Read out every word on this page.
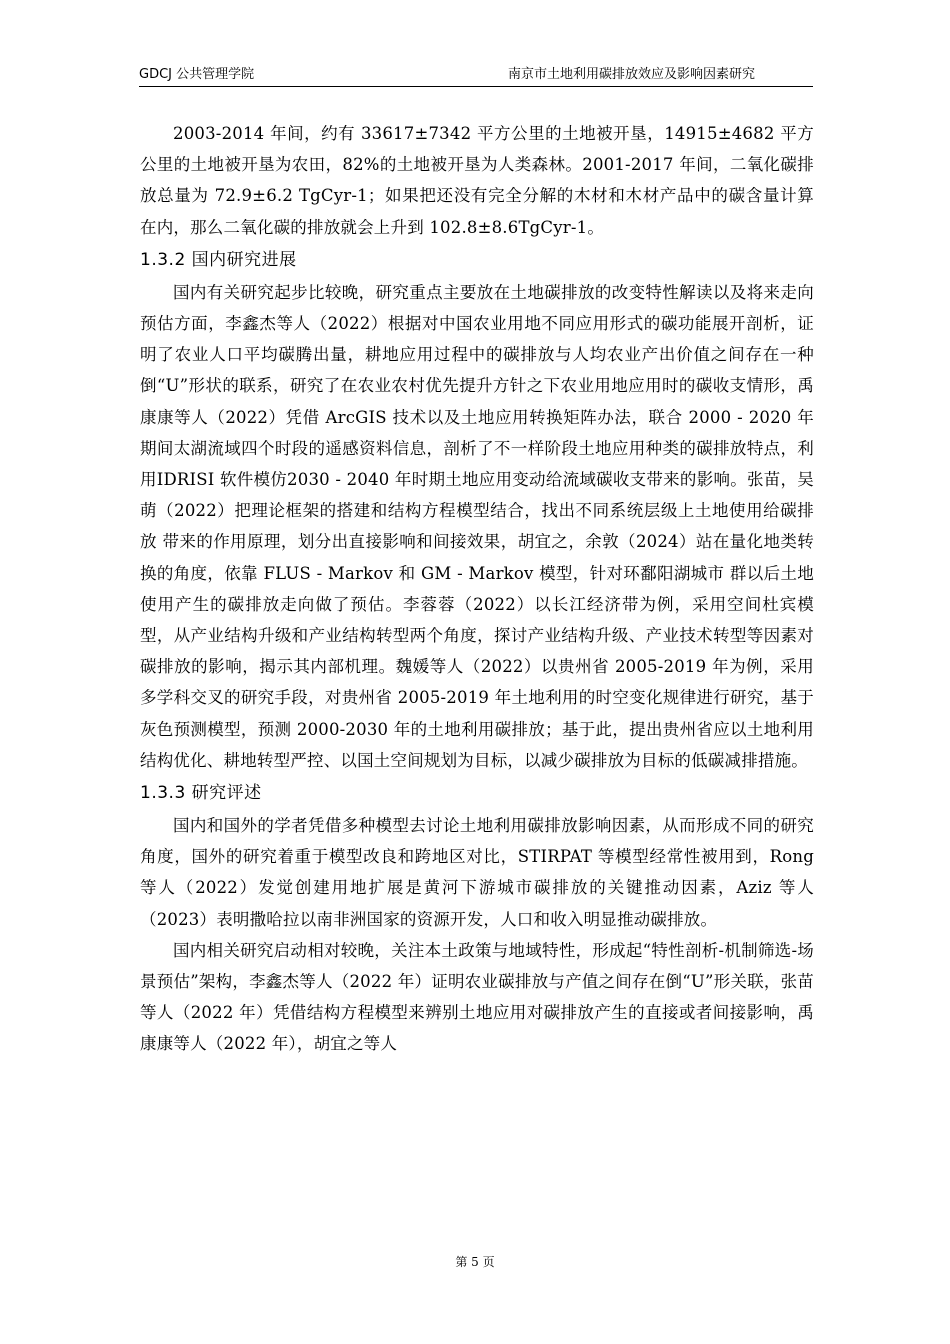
GDCJ 公共管理学院	南京市土地利用碳排放效应及影响因素研究

2003-2014 年间，约有 33617±7342 平方公里的土地被开垦，14915±4682 平方公里的土地被开垦为农田，82%的土地被开垦为人类森林。2001-2017 年间，二氧化碳排放总量为 72.9±6.2 TgCyr-1；如果把还没有完全分解的木材和木材产品中的碳含量计算在内，那么二氧化碳的排放就会上升到 102.8±8.6TgCyr-1。

1.3.2 国内研究进展

国内有关研究起步比较晚，研究重点主要放在土地碳排放的改变特性解读以及将来走向预估方面，李鑫杰等人（2022）根据对中国农业用地不同应用形式的碳功能展开剖析，证明了农业人口平均碳腾出量，耕地应用过程中的碳排放与人均农业产出价值之间存在一种倒“U”形状的联系，研究了在农业农村优先提升方针之下农业用地应用时的碳收支情形，禹康康等人（2022）凭借 ArcGIS 技术以及土地应用转换矩阵办法，联合 2000 - 2020 年期间太湖流域四个时段的遥感资料信息，剖析了不一样阶段土地应用种类的碳排放特点，利用IDRISI 软件模仿2030 - 2040 年时期土地应用变动给流域碳收支带来的影响。张苗，吴萌（2022）把理论框架的搭建和结构方程模型结合，找出不同系统层级上土地使用给碳排放 带来的作用原理，划分出直接影响和间接效果，胡宜之，余敦（2024）站在量化地类转换的角度，依靠 FLUS - Markov 和 GM - Markov 模型，针对环鄱阳湖城市 群以后土地使用产生的碳排放走向做了预估。李蓉蓉（2022）以长江经济带为例，采用空间杜宾模型，从产业结构升级和产业结构转型两个角度，探讨产业结构升级、产业技术转型等因素对碳排放的影响，揭示其内部机理。魏媛等人（2022）以贵州省 2005-2019 年为例，采用多学科交叉的研究手段，对贵州省 2005-2019 年土地利用的时空变化规律进行研究，基于灰色预测模型，预测 2000-2030 年的土地利用碳排放；基于此，提出贵州省应以土地利用结构优化、耕地转型严控、以国土空间规划为目标，以减少碳排放为目标的低碳减排措施。

1.3.3 研究评述

国内和国外的学者凭借多种模型去讨论土地利用碳排放影响因素，从而形成不同的研究角度，国外的研究着重于模型改良和跨地区对比，STIRPAT 等模型经常性被用到，Rong 等人（2022）发觉创建用地扩展是黄河下游城市碳排放的关键推动因素，Aziz 等人（2023）表明撒哈拉以南非洲国家的资源开发，人口和收入明显推动碳排放。

国内相关研究启动相对较晚，关注本土政策与地域特性，形成起“特性剖析-机制筛选-场景预估”架构，李鑫杰等人（2022 年）证明农业碳排放与产值之间存在倒“U”形关联，张苗等人（2022 年）凭借结构方程模型来辨别土地应用对碳排放产生的直接或者间接影响，禹康康等人（2022 年），胡宜之等人

第 5 页
